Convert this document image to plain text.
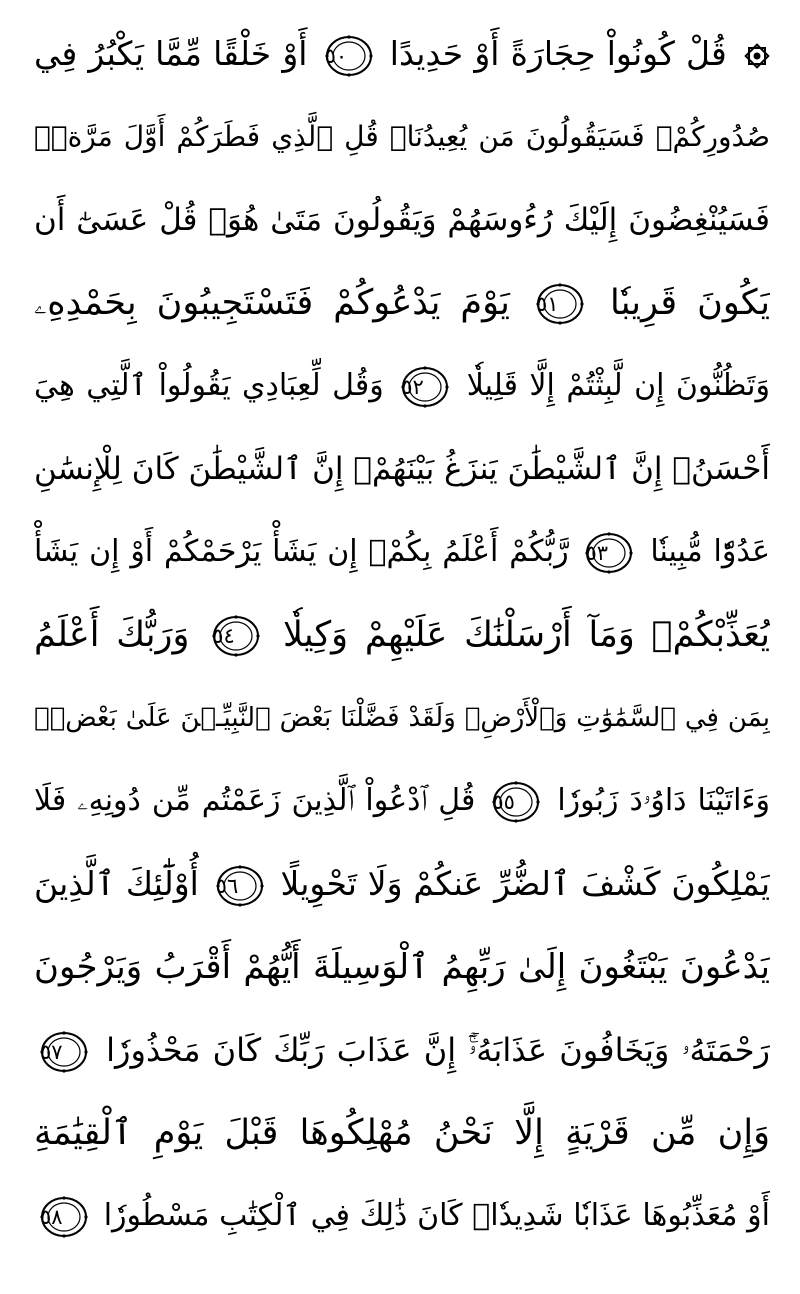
قُلْ كُونُواْ حِجَارَةً أَوْ حَدِيدًا
٥٠ أَوْ خَلْقًا مِّمَّا يَكْبُرُ فِي
صُدُورِكُمْۚ فَسَيَقُولُونَ مَن يُعِيدُنَاۖ قُلِ ٱلَّذِي فَطَرَكُمْ أَوَّلَ مَرَّةٖۚ
فَسَيُنْغِضُونَ إِلَيْكَ رُءُوسَهُمْ وَيَقُولُونَ مَتَىٰ هُوَۖ قُلْ عَسَىٰٓ أَن
يَكُونَ قَرِيبٗا
٥١ يَوْمَ يَدْعُوكُمْ فَتَسْتَجِيبُونَ بِحَمْدِهِۦ
وَتَظُنُّونَ إِن لَّبِثْتُمْ إِلَّا قَلِيلٗا
٥٢ وَقُل لِّعِبَادِي يَقُولُواْ ٱلَّتِي هِيَ
أَحْسَنُۚ إِنَّ ٱلشَّيْطَٰنَ يَنزَغُ بَيْنَهُمْۚ إِنَّ ٱلشَّيْطَٰنَ كَانَ لِلْإِنسَٰنِ
عَدُوّٗا مُّبِينٗا
٥٣ رَّبُّكُمْ أَعْلَمُ بِكُمْۖ إِن يَشَأْ يَرْحَمْكُمْ أَوْ إِن يَشَأْ
يُعَذِّبْكُمْۚ وَمَآ أَرْسَلْنَٰكَ عَلَيْهِمْ وَكِيلٗا
٥٤ وَرَبُّكَ أَعْلَمُ
بِمَن فِي ٱلسَّمَٰوَٰتِ وَٱلْأَرْضِۗ وَلَقَدْ فَضَّلْنَا بَعْضَ ٱلنَّبِيِّـۧنَ عَلَىٰ بَعْضٖۖ
وَءَاتَيْنَا دَاوُۥدَ زَبُورٗا
٥٥ قُلِ ٱدْعُواْ ٱلَّذِينَ زَعَمْتُم مِّن دُونِهِۦ فَلَا
يَمْلِكُونَ كَشْفَ ٱلضُّرِّ عَنكُمْ وَلَا تَحْوِيلًا
٥٦ أُوْلَٰٓئِكَ ٱلَّذِينَ
يَدْعُونَ يَبْتَغُونَ إِلَىٰ رَبِّهِمُ ٱلْوَسِيلَةَ أَيُّهُمْ أَقْرَبُ وَيَرْجُونَ
رَحْمَتَهُۥ وَيَخَافُونَ عَذَابَهُۥٓۚ إِنَّ عَذَابَ رَبِّكَ كَانَ مَحْذُورٗا
٥٧
وَإِن مِّن قَرْيَةٍ إِلَّا نَحْنُ مُهْلِكُوهَا قَبْلَ يَوْمِ ٱلْقِيَٰمَةِ
أَوْ مُعَذِّبُوهَا عَذَابٗا شَدِيدٗاۚ كَانَ ذَٰلِكَ فِي ٱلْكِتَٰبِ مَسْطُورٗا
٥٨
